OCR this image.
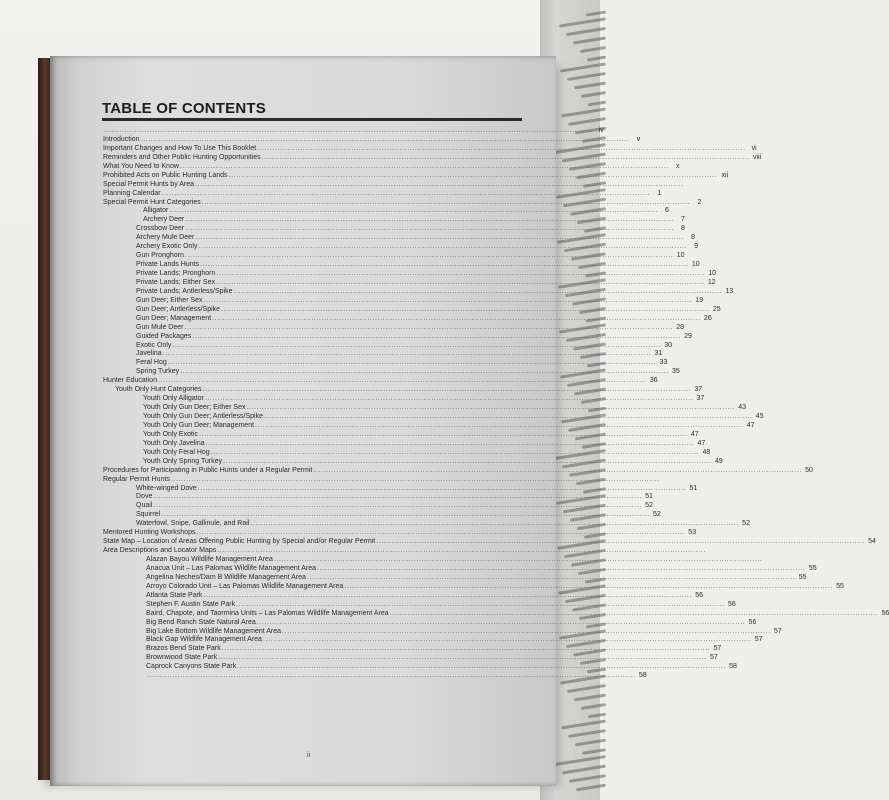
TABLE OF CONTENTS
................................................................................................................................................................................................ iv
Introduction ................................................................................................................................................................................................	v
Important Changes and How To Use This Booklet ................................................................................................................................................................................................ vi
Reminders and Other Public Hunting Opportunities ................................................................................................................................................................................................ viii
What You Need to Know ................................................................................................................................................................................................	x
Prohibited Acts on Public Hunting Lands ................................................................................................................................................................................................ xii
Special Permit Hunts by Area ................................................................................................................................................................................................
Planning Calendar ................................................................................................................................................................................................	1
Special Permit Hunt Categories ................................................................................................................................................................................................	2
Alligator ................................................................................................................................................................................................	6
Archery Deer ................................................................................................................................................................................................	7
Crossbow Deer ................................................................................................................................................................................................	8
Archery Mule Deer ................................................................................................................................................................................................	8
Archery Exotic Only ................................................................................................................................................................................................	9
Gun Pronghorn ................................................................................................................................................................................................ 10
Private Lands Hunts ................................................................................................................................................................................................ 10
Private Lands; Pronghorn ................................................................................................................................................................................................ 10
Private Lands; Either Sex ................................................................................................................................................................................................ 12
Private Lands; Antlerless/Spike ................................................................................................................................................................................................ 13
Gun Deer; Either Sex ................................................................................................................................................................................................ 19
Gun Deer; Antlerless/Spike ................................................................................................................................................................................................ 25
Gun Deer; Management ................................................................................................................................................................................................ 26
Gun Mule Deer ................................................................................................................................................................................................ 28
Guided Packages ................................................................................................................................................................................................ 29
Exotic Only ................................................................................................................................................................................................ 30
Javelina ................................................................................................................................................................................................ 31
Feral Hog ................................................................................................................................................................................................ 33
Spring Turkey ................................................................................................................................................................................................ 35
Hunter Education ................................................................................................................................................................................................ 36
Youth Only Hunt Categories ................................................................................................................................................................................................ 37
Youth Only Alligator ................................................................................................................................................................................................ 37
Youth Only Gun Deer; Either Sex ................................................................................................................................................................................................ 43
Youth Only Gun Deer; Antlerless/Spike ................................................................................................................................................................................................ 45
Youth Only Gun Deer; Management ................................................................................................................................................................................................ 47
Youth Only Exotic ................................................................................................................................................................................................ 47
Youth Only Javelina ................................................................................................................................................................................................ 47
Youth Only Feral Hog ................................................................................................................................................................................................ 48
Youth Only Spring Turkey ................................................................................................................................................................................................ 49
Procedures for Participating in Public Hunts under a Regular Permit ................................................................................................................................................................................................ 50
Regular Permit Hunts ................................................................................................................................................................................................
White-winged Dove ................................................................................................................................................................................................ 51
Dove ................................................................................................................................................................................................ 51
Quail ................................................................................................................................................................................................ 52
Squirrel ................................................................................................................................................................................................ 52
Waterfowl, Snipe, Gallinule, and Rail ................................................................................................................................................................................................ 52
Mentored Hunting Workshops ................................................................................................................................................................................................ 53
State Map – Location of Areas Offering Public Hunting by Special and/or Regular Permit ................................................................................................................................................................................................ 54
Area Descriptions and Locator Maps ................................................................................................................................................................................................
Alazan Bayou Wildlife Management Area ................................................................................................................................................................................................
Anacua Unit – Las Palomas Wildlife Management Area ................................................................................................................................................................................................ 55
Angelina Neches/Dam B Wildlife Management Area ................................................................................................................................................................................................ 55
Arroyo Colorado Unit – Las Palomas Wildlife Management Area ................................................................................................................................................................................................ 55
Atlanta State Park ................................................................................................................................................................................................ 56
Stephen F. Austin State Park ................................................................................................................................................................................................ 56
Baird, Chapote, and Taormina Units – Las Palomas Wildlife Management Area ................................................................................................................................................................................................ 56
Big Bend Ranch State Natural Area ................................................................................................................................................................................................ 56
Big Lake Bottom Wildlife Management Area ................................................................................................................................................................................................ 57
Black Gap Wildlife Management Area ................................................................................................................................................................................................ 57
Brazos Bend State Park ................................................................................................................................................................................................ 57
Brownwood State Park ................................................................................................................................................................................................ 57
Caprock Canyons State Park ................................................................................................................................................................................................ 58
................................................................................................................................................................................................ 58

ii
